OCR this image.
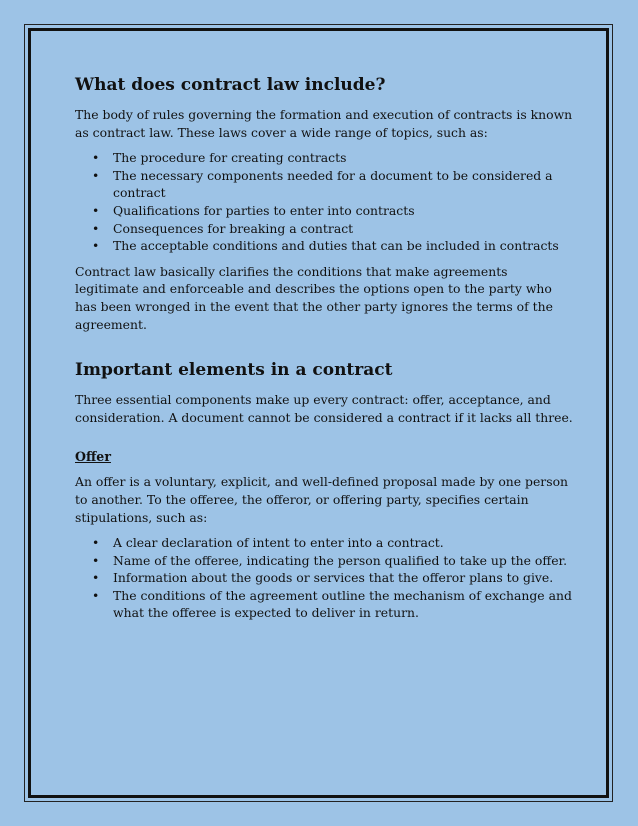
What does contract law include?

The body of rules governing the formation and execution of contracts is known as contract law. These laws cover a wide range of topics, such as:

• The procedure for creating contracts
• The necessary components needed for a document to be considered a contract
• Qualifications for parties to enter into contracts
• Consequences for breaking a contract
• The acceptable conditions and duties that can be included in contracts

Contract law basically clarifies the conditions that make agreements legitimate and enforceable and describes the options open to the party who has been wronged in the event that the other party ignores the terms of the agreement.

Important elements in a contract

Three essential components make up every contract: offer, acceptance, and consideration. A document cannot be considered a contract if it lacks all three.

Offer

An offer is a voluntary, explicit, and well-defined proposal made by one person to another. To the offeree, the offeror, or offering party, specifies certain stipulations, such as:

• A clear declaration of intent to enter into a contract.
• Name of the offeree, indicating the person qualified to take up the offer.
• Information about the goods or services that the offeror plans to give.
• The conditions of the agreement outline the mechanism of exchange and what the offeree is expected to deliver in return.
